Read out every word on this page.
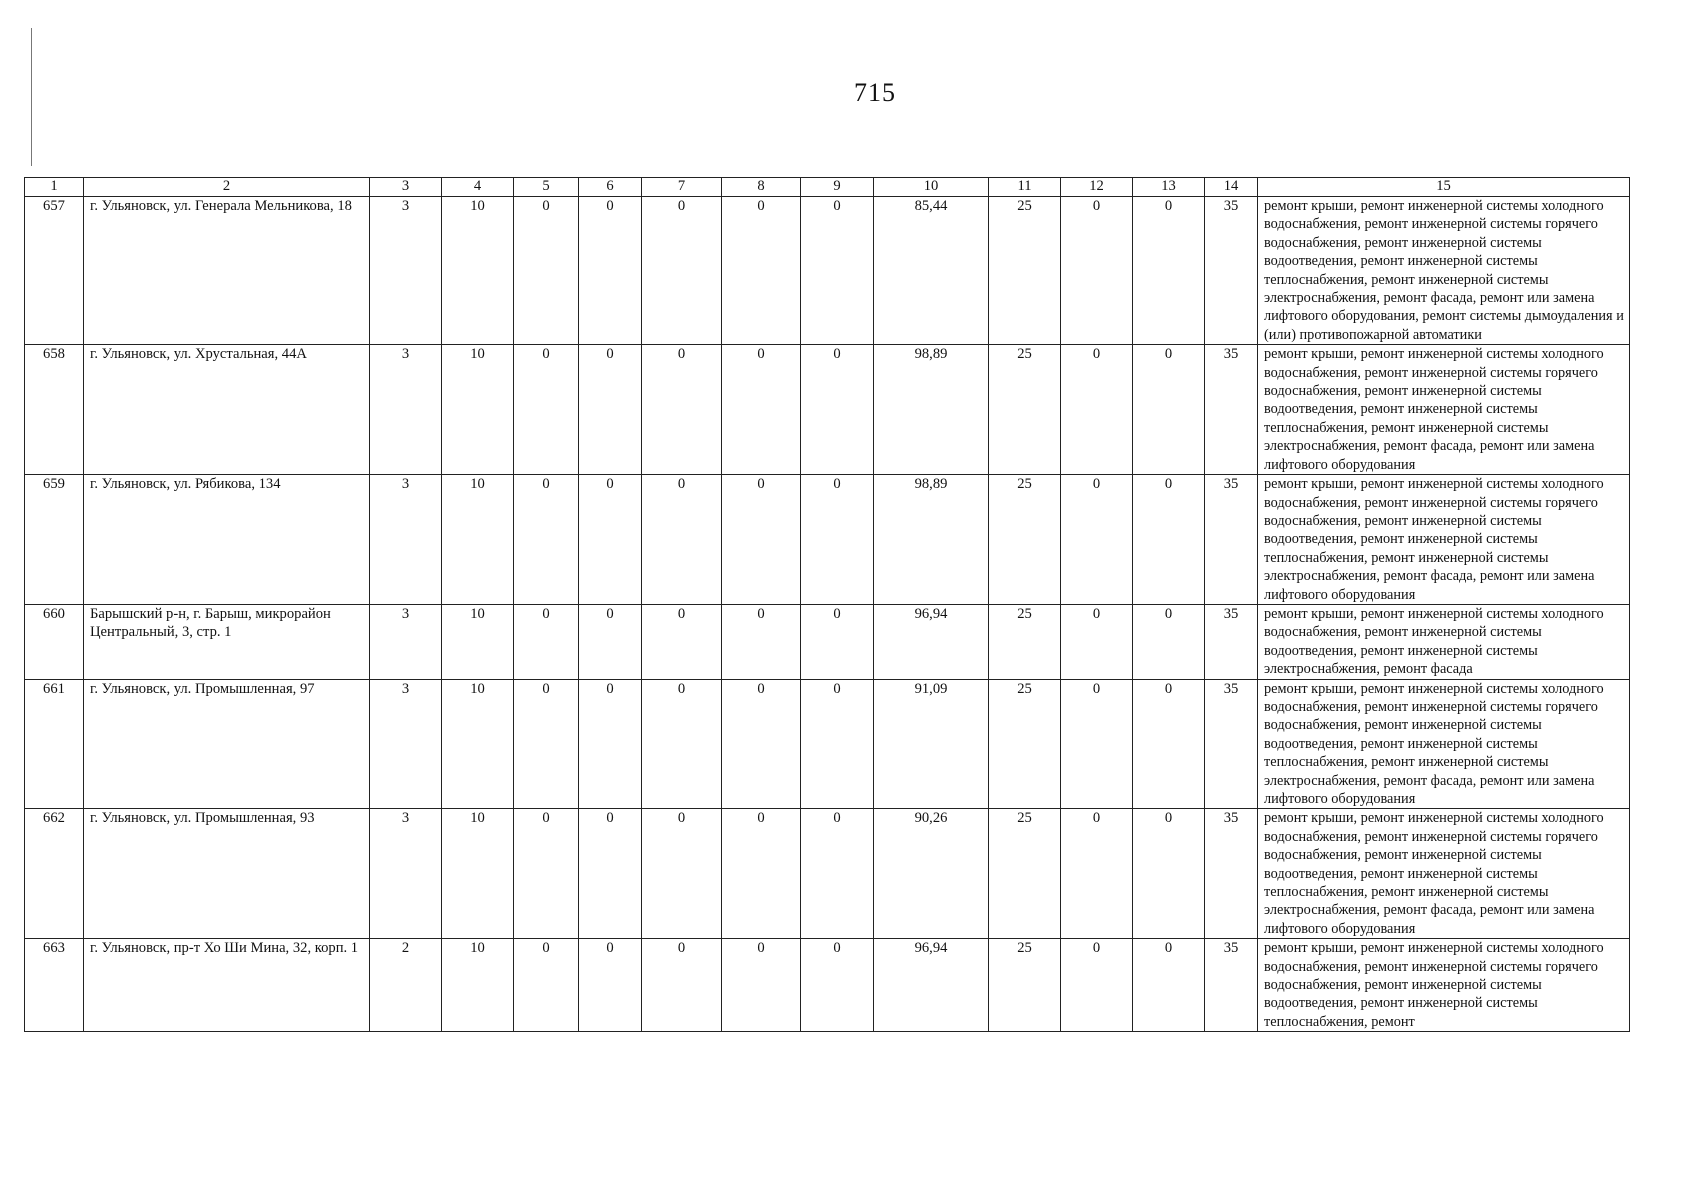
715
1	2	3	4	5	6	7	8	9	10	11	12	13	14	15
657	г. Ульяновск, ул. Генерала Мельникова, 18	3	10	0	0	0	0	0	85,44	25	0	0	35	ремонт крыши, ремонт инженерной системы холодного водоснабжения, ремонт инженерной системы горячего водоснабжения, ремонт инженерной системы водоотведения, ремонт инженерной системы теплоснабжения, ремонт инженерной системы электроснабжения, ремонт фасада, ремонт или замена лифтового оборудования, ремонт системы дымоудаления и (или) противопожарной автоматики
658	г. Ульяновск, ул. Хрустальная, 44А	3	10	0	0	0	0	0	98,89	25	0	0	35	ремонт крыши, ремонт инженерной системы холодного водоснабжения, ремонт инженерной системы горячего водоснабжения, ремонт инженерной системы водоотведения, ремонт инженерной системы теплоснабжения, ремонт инженерной системы электроснабжения, ремонт фасада, ремонт или замена лифтового оборудования
659	г. Ульяновск, ул. Рябикова, 134	3	10	0	0	0	0	0	98,89	25	0	0	35	ремонт крыши, ремонт инженерной системы холодного водоснабжения, ремонт инженерной системы горячего водоснабжения, ремонт инженерной системы водоотведения, ремонт инженерной системы теплоснабжения, ремонт инженерной системы электроснабжения, ремонт фасада, ремонт или замена лифтового оборудования
660	Барышский р-н, г. Барыш, микрорайон Центральный, 3, стр. 1	3	10	0	0	0	0	0	96,94	25	0	0	35	ремонт крыши, ремонт инженерной системы холодного водоснабжения, ремонт инженерной системы водоотведения, ремонт инженерной системы электроснабжения, ремонт фасада
661	г. Ульяновск, ул. Промышленная, 97	3	10	0	0	0	0	0	91,09	25	0	0	35	ремонт крыши, ремонт инженерной системы холодного водоснабжения, ремонт инженерной системы горячего водоснабжения, ремонт инженерной системы водоотведения, ремонт инженерной системы теплоснабжения, ремонт инженерной системы электроснабжения, ремонт фасада, ремонт или замена лифтового оборудования
662	г. Ульяновск, ул. Промышленная, 93	3	10	0	0	0	0	0	90,26	25	0	0	35	ремонт крыши, ремонт инженерной системы холодного водоснабжения, ремонт инженерной системы горячего водоснабжения, ремонт инженерной системы водоотведения, ремонт инженерной системы теплоснабжения, ремонт инженерной системы электроснабжения, ремонт фасада, ремонт или замена лифтового оборудования
663	г. Ульяновск, пр-т Хо Ши Мина, 32, корп. 1	2	10	0	0	0	0	0	96,94	25	0	0	35	ремонт крыши, ремонт инженерной системы холодного водоснабжения, ремонт инженерной системы горячего водоснабжения, ремонт инженерной системы водоотведения, ремонт инженерной системы теплоснабжения, ремонт
